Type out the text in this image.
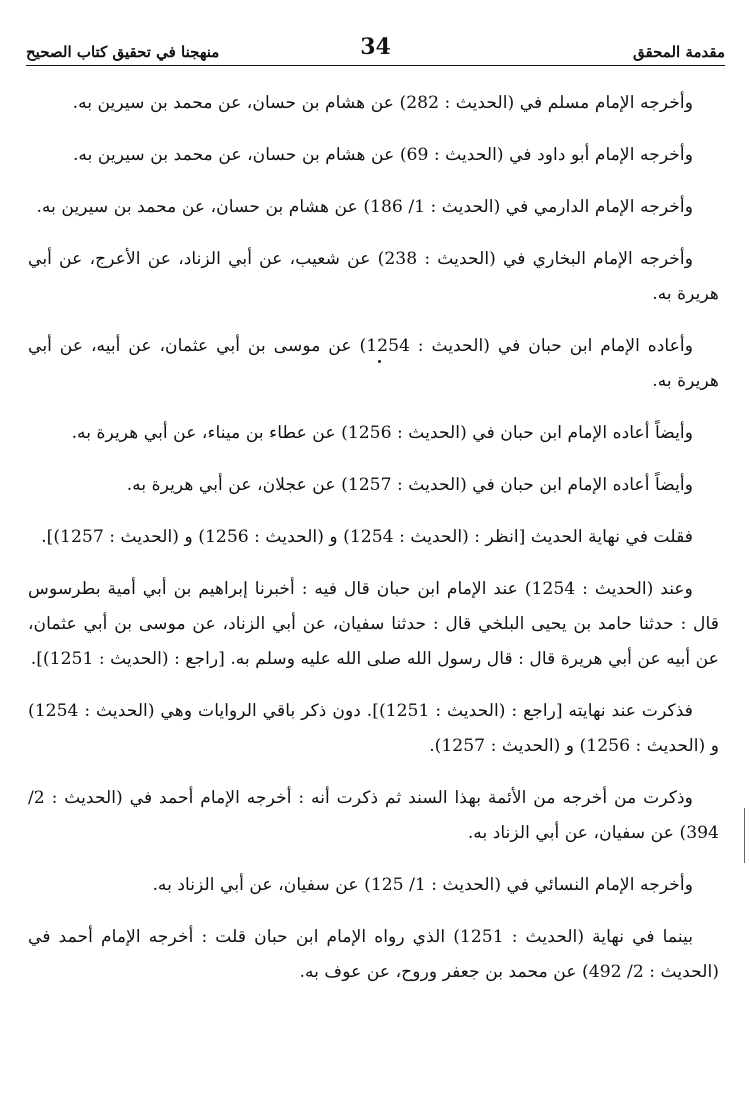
مقدمة المحقق
34
منهجنا في تحقيق كتاب الصحيح

وأخرجه الإمام مسلم في (الحديث : 282) عن هشام بن حسان، عن محمد بن سيرين به.

وأخرجه الإمام أبو داود في (الحديث : 69) عن هشام بن حسان، عن محمد بن سيرين به.

وأخرجه الإمام الدارمي في (الحديث : 1/ 186) عن هشام بن حسان، عن محمد بن سيرين به.

وأخرجه الإمام البخاري في (الحديث : 238) عن شعيب، عن أبي الزناد، عن الأعرج، عن أبي هريرة به.

وأعاده الإمام ابن حبان في (الحديث : 1254) عن موسى بن أبي عثمان، عن أبيه، عن أبي هريرة به.

وأيضاً أعاده الإمام ابن حبان في (الحديث : 1256) عن عطاء بن ميناء، عن أبي هريرة به.

وأيضاً أعاده الإمام ابن حبان في (الحديث : 1257) عن عجلان، عن أبي هريرة به.

فقلت في نهاية الحديث [انظر : (الحديث : 1254) و (الحديث : 1256) و (الحديث : 1257)].

وعند (الحديث : 1254) عند الإمام ابن حبان قال فيه : أخبرنا إبراهيم بن أبي أمية بطرسوس قال : حدثنا حامد بن يحيى البلخي قال : حدثنا سفيان، عن أبي الزناد، عن موسى بن أبي عثمان، عن أبيه عن أبي هريرة قال : قال رسول الله صلى الله عليه وسلم به. [راجع : (الحديث : 1251)].

فذكرت عند نهايته [راجع : (الحديث : 1251)]. دون ذكر باقي الروايات وهي (الحديث : 1254) و (الحديث : 1256) و (الحديث : 1257).

وذكرت من أخرجه من الأئمة بهذا السند ثم ذكرت أنه : أخرجه الإمام أحمد في (الحديث : 2/ 394) عن سفيان، عن أبي الزناد به.

وأخرجه الإمام النسائي في (الحديث : 1/ 125) عن سفيان، عن أبي الزناد به.

بينما في نهاية (الحديث : 1251) الذي رواه الإمام ابن حبان قلت : أخرجه الإمام أحمد في (الحديث : 2/ 492) عن محمد بن جعفر وروح، عن عوف به.
